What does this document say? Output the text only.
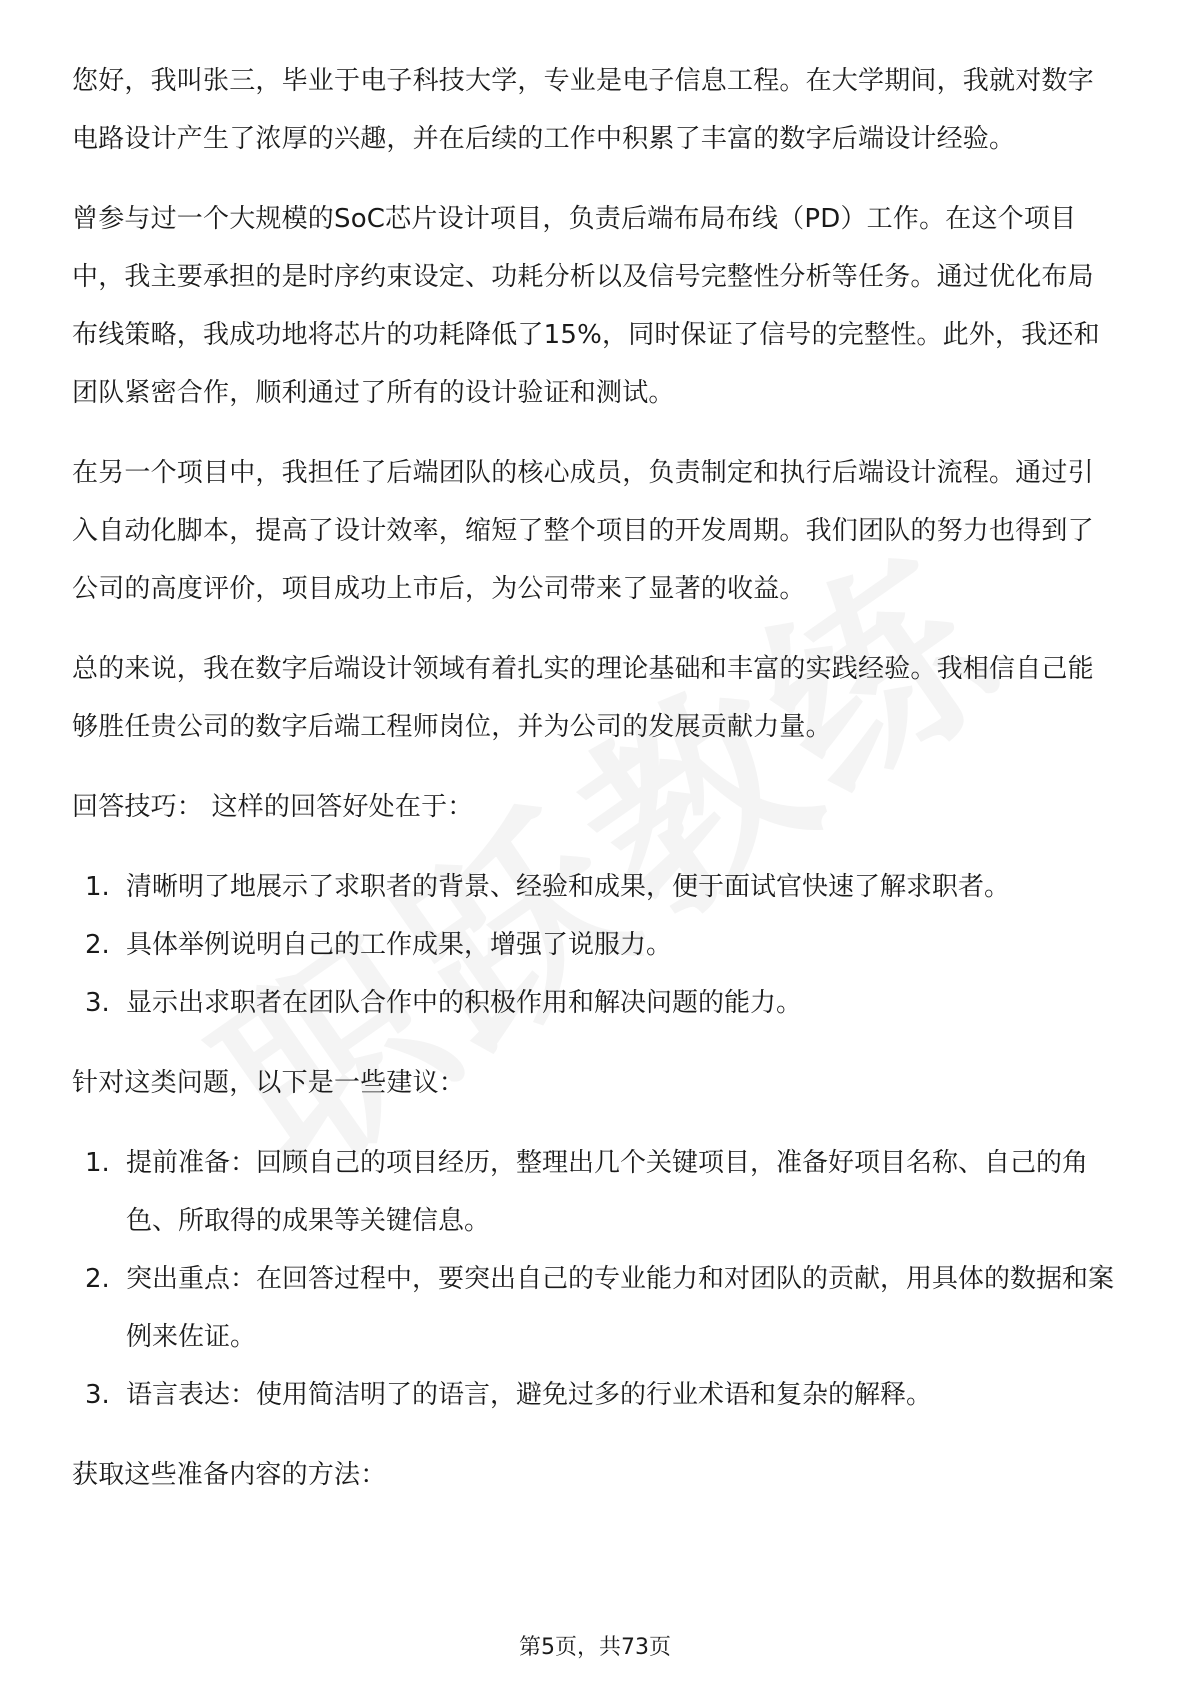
您好，我叫张三，毕业于电子科技大学，专业是电子信息工程。在大学期间，我就对数字电路设计产生了浓厚的兴趣，并在后续的工作中积累了丰富的数字后端设计经验。

曾参与过一个大规模的SoC芯片设计项目，负责后端布局布线（PD）工作。在这个项目中，我主要承担的是时序约束设定、功耗分析以及信号完整性分析等任务。通过优化布局布线策略，我成功地将芯片的功耗降低了15%，同时保证了信号的完整性。此外，我还和团队紧密合作，顺利通过了所有的设计验证和测试。

在另一个项目中，我担任了后端团队的核心成员，负责制定和执行后端设计流程。通过引入自动化脚本，提高了设计效率，缩短了整个项目的开发周期。我们团队的努力也得到了公司的高度评价，项目成功上市后，为公司带来了显著的收益。

总的来说，我在数字后端设计领域有着扎实的理论基础和丰富的实践经验。我相信自己能够胜任贵公司的数字后端工程师岗位，并为公司的发展贡献力量。

回答技巧： 这样的回答好处在于：

1. 清晰明了地展示了求职者的背景、经验和成果，便于面试官快速了解求职者。
2. 具体举例说明自己的工作成果，增强了说服力。
3. 显示出求职者在团队合作中的积极作用和解决问题的能力。

针对这类问题，以下是一些建议：

1. 提前准备：回顾自己的项目经历，整理出几个关键项目，准备好项目名称、自己的角色、所取得的成果等关键信息。
2. 突出重点：在回答过程中，要突出自己的专业能力和对团队的贡献，用具体的数据和案例来佐证。
3. 语言表达：使用简洁明了的语言，避免过多的行业术语和复杂的解释。

获取这些准备内容的方法：

第5页，共73页
